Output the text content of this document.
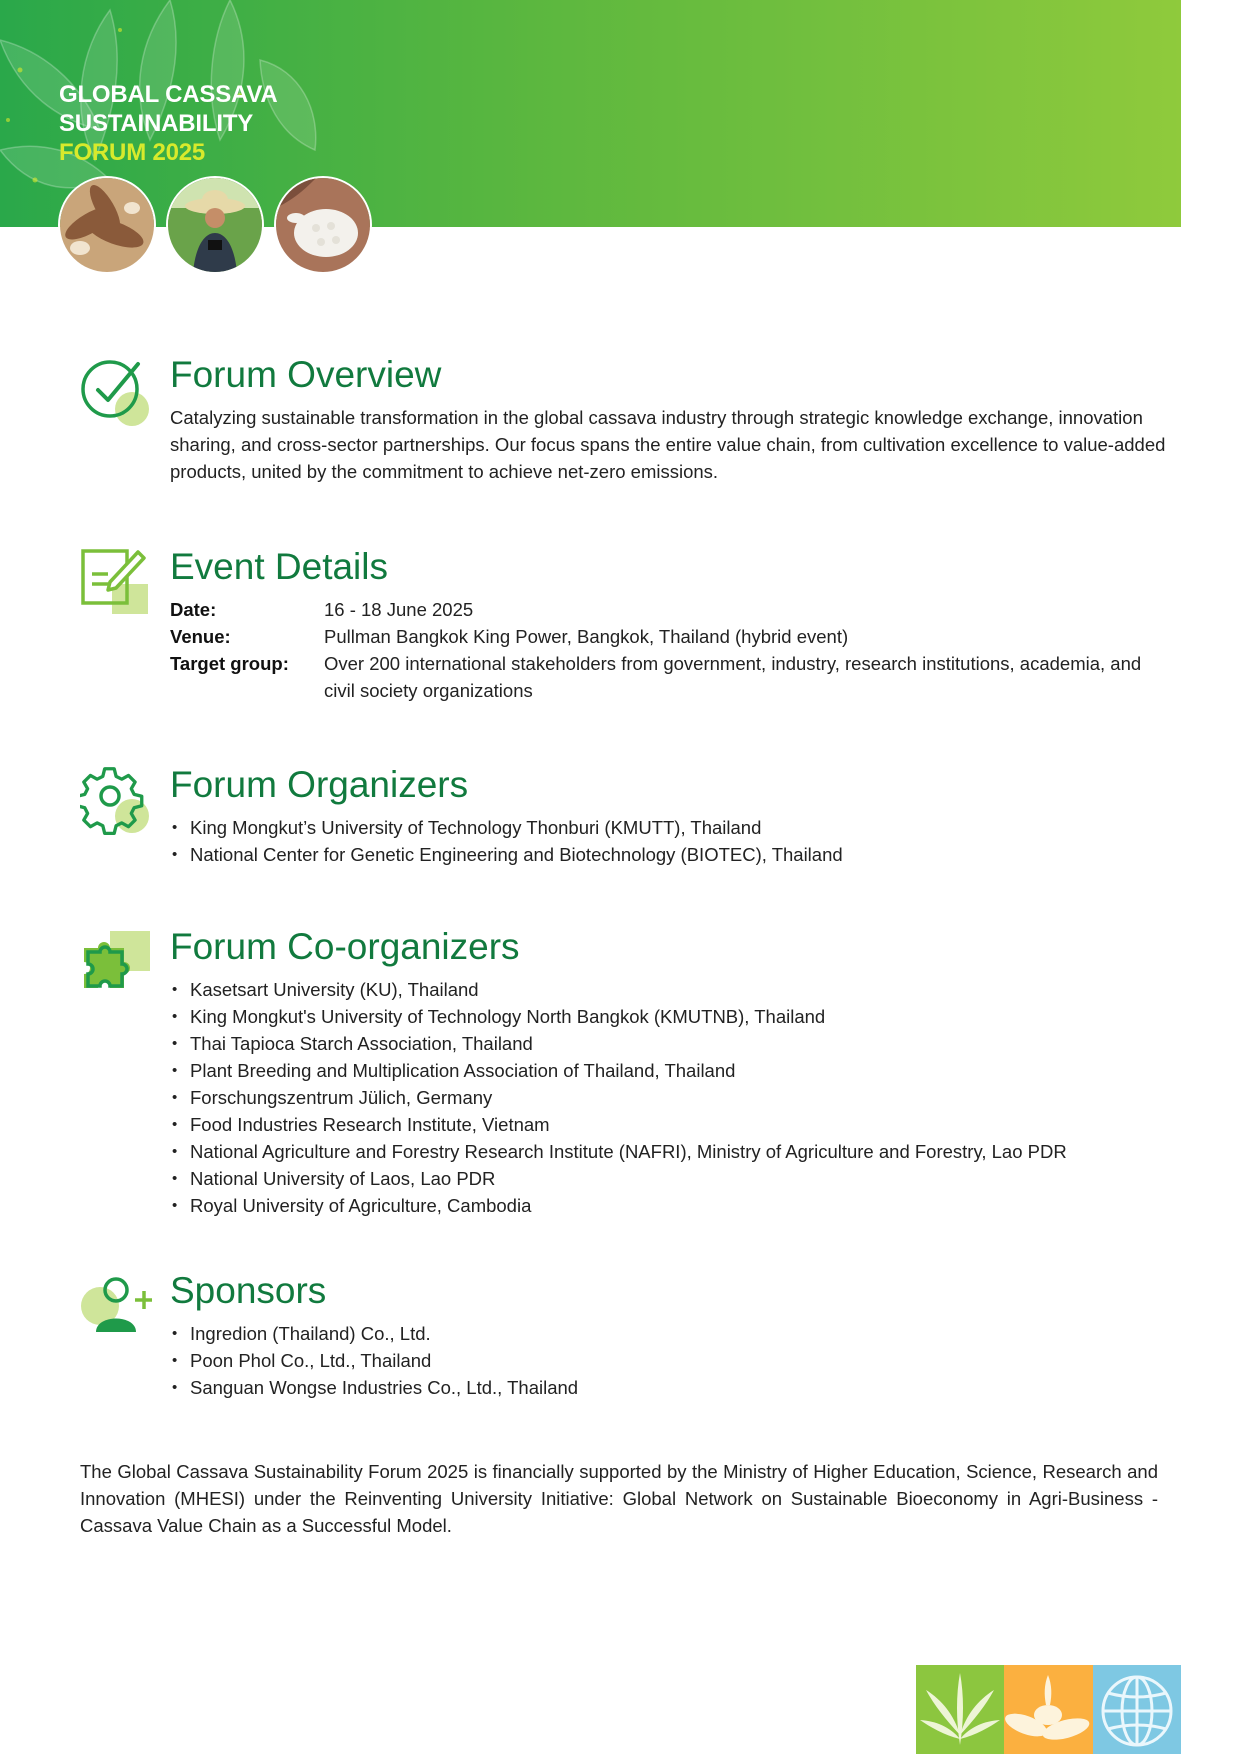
GLOBAL CASSAVA
SUSTAINABILITY
FORUM 2025
Forum Overview

Catalyzing sustainable transformation in the global cassava industry through strategic knowledge exchange, innovation sharing, and cross-sector partnerships. Our focus spans the entire value chain, from cultivation excellence to value-added products, united by the commitment to achieve net-zero emissions.

Event Details
Date:	16 - 18 June 2025
Venue:	Pullman Bangkok King Power, Bangkok, Thailand (hybrid event)
Target group:	Over 200 international stakeholders from government, industry, research institutions, academia, and civil society organizations
Forum Organizers
• King Mongkut’s University of Technology Thonburi (KMUTT), Thailand
• National Center for Genetic Engineering and Biotechnology (BIOTEC), Thailand
Forum Co-organizers
• Kasetsart University (KU), Thailand
• King Mongkut's University of Technology North Bangkok (KMUTNB), Thailand
• Thai Tapioca Starch Association, Thailand
• Plant Breeding and Multiplication Association of Thailand, Thailand
• Forschungszentrum Jülich, Germany
• Food Industries Research Institute, Vietnam
• National Agriculture and Forestry Research Institute (NAFRI), Ministry of Agriculture and Forestry, Lao PDR
• National University of Laos, Lao PDR
• Royal University of Agriculture, Cambodia
Sponsors
• Ingredion (Thailand) Co., Ltd.
• Poon Phol Co., Ltd., Thailand
• Sanguan Wongse Industries Co., Ltd., Thailand

The Global Cassava Sustainability Forum 2025 is financially supported by the Ministry of Higher Education, Science, Research and Innovation (MHESI) under the Reinventing University Initiative: Global Network on Sustainable Bioeconomy in Agri-Business - Cassava Value Chain as a Successful Model.
